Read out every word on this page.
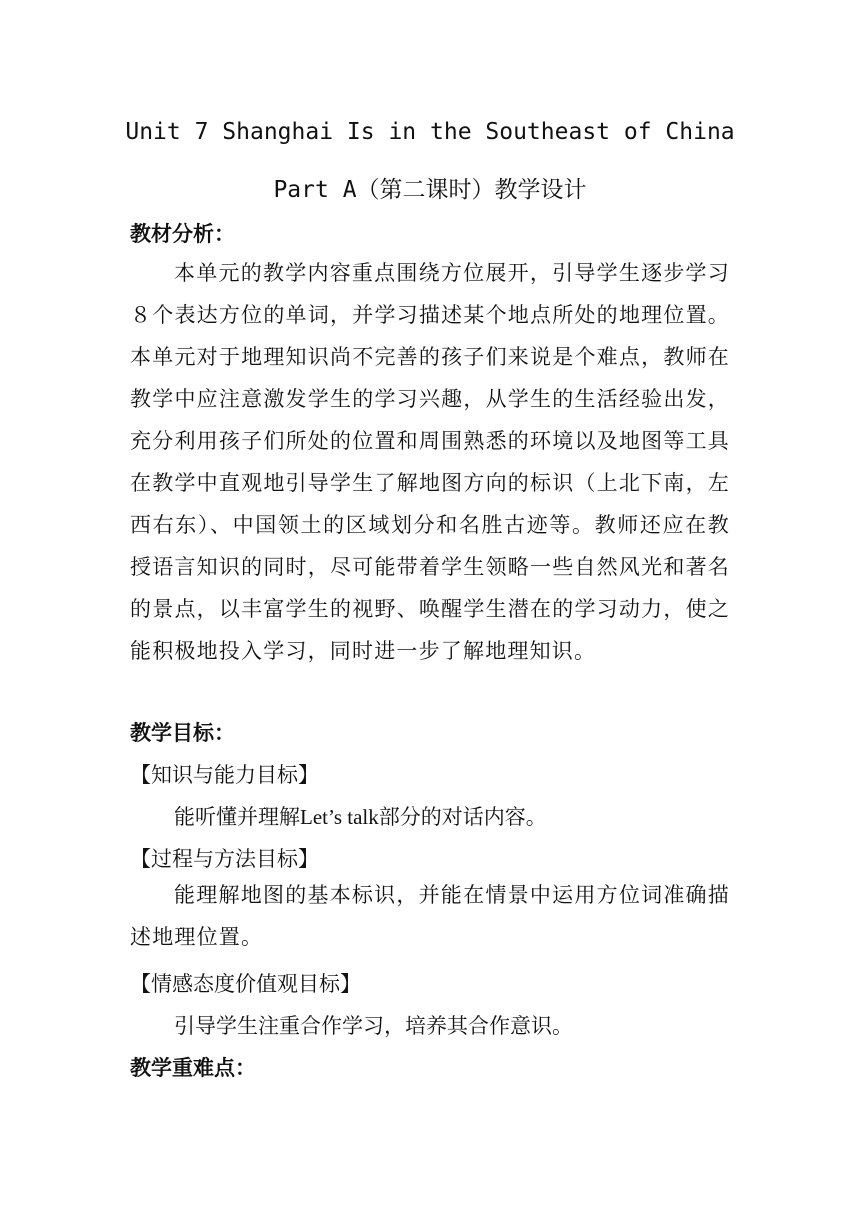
Unit 7 Shanghai Is in the Southeast of China
Part A（第二课时）教学设计
教材分析：
本单元的教学内容重点围绕方位展开，引导学生逐步学习８个表达方位的单词，并学习描述某个地点所处的地理位置。本单元对于地理知识尚不完善的孩子们来说是个难点，教师在教学中应注意激发学生的学习兴趣，从学生的生活经验出发，充分利用孩子们所处的位置和周围熟悉的环境以及地图等工具在教学中直观地引导学生了解地图方向的标识（上北下南，左西右东）、中国领土的区域划分和名胜古迹等。教师还应在教授语言知识的同时，尽可能带着学生领略一些自然风光和著名的景点，以丰富学生的视野、唤醒学生潜在的学习动力，使之能积极地投入学习，同时进一步了解地理知识。
教学目标：
【知识与能力目标】
能听懂并理解Let’s talk部分的对话内容。
【过程与方法目标】
能理解地图的基本标识，并能在情景中运用方位词准确描述地理位置。
【情感态度价值观目标】
引导学生注重合作学习，培养其合作意识。
教学重难点：
